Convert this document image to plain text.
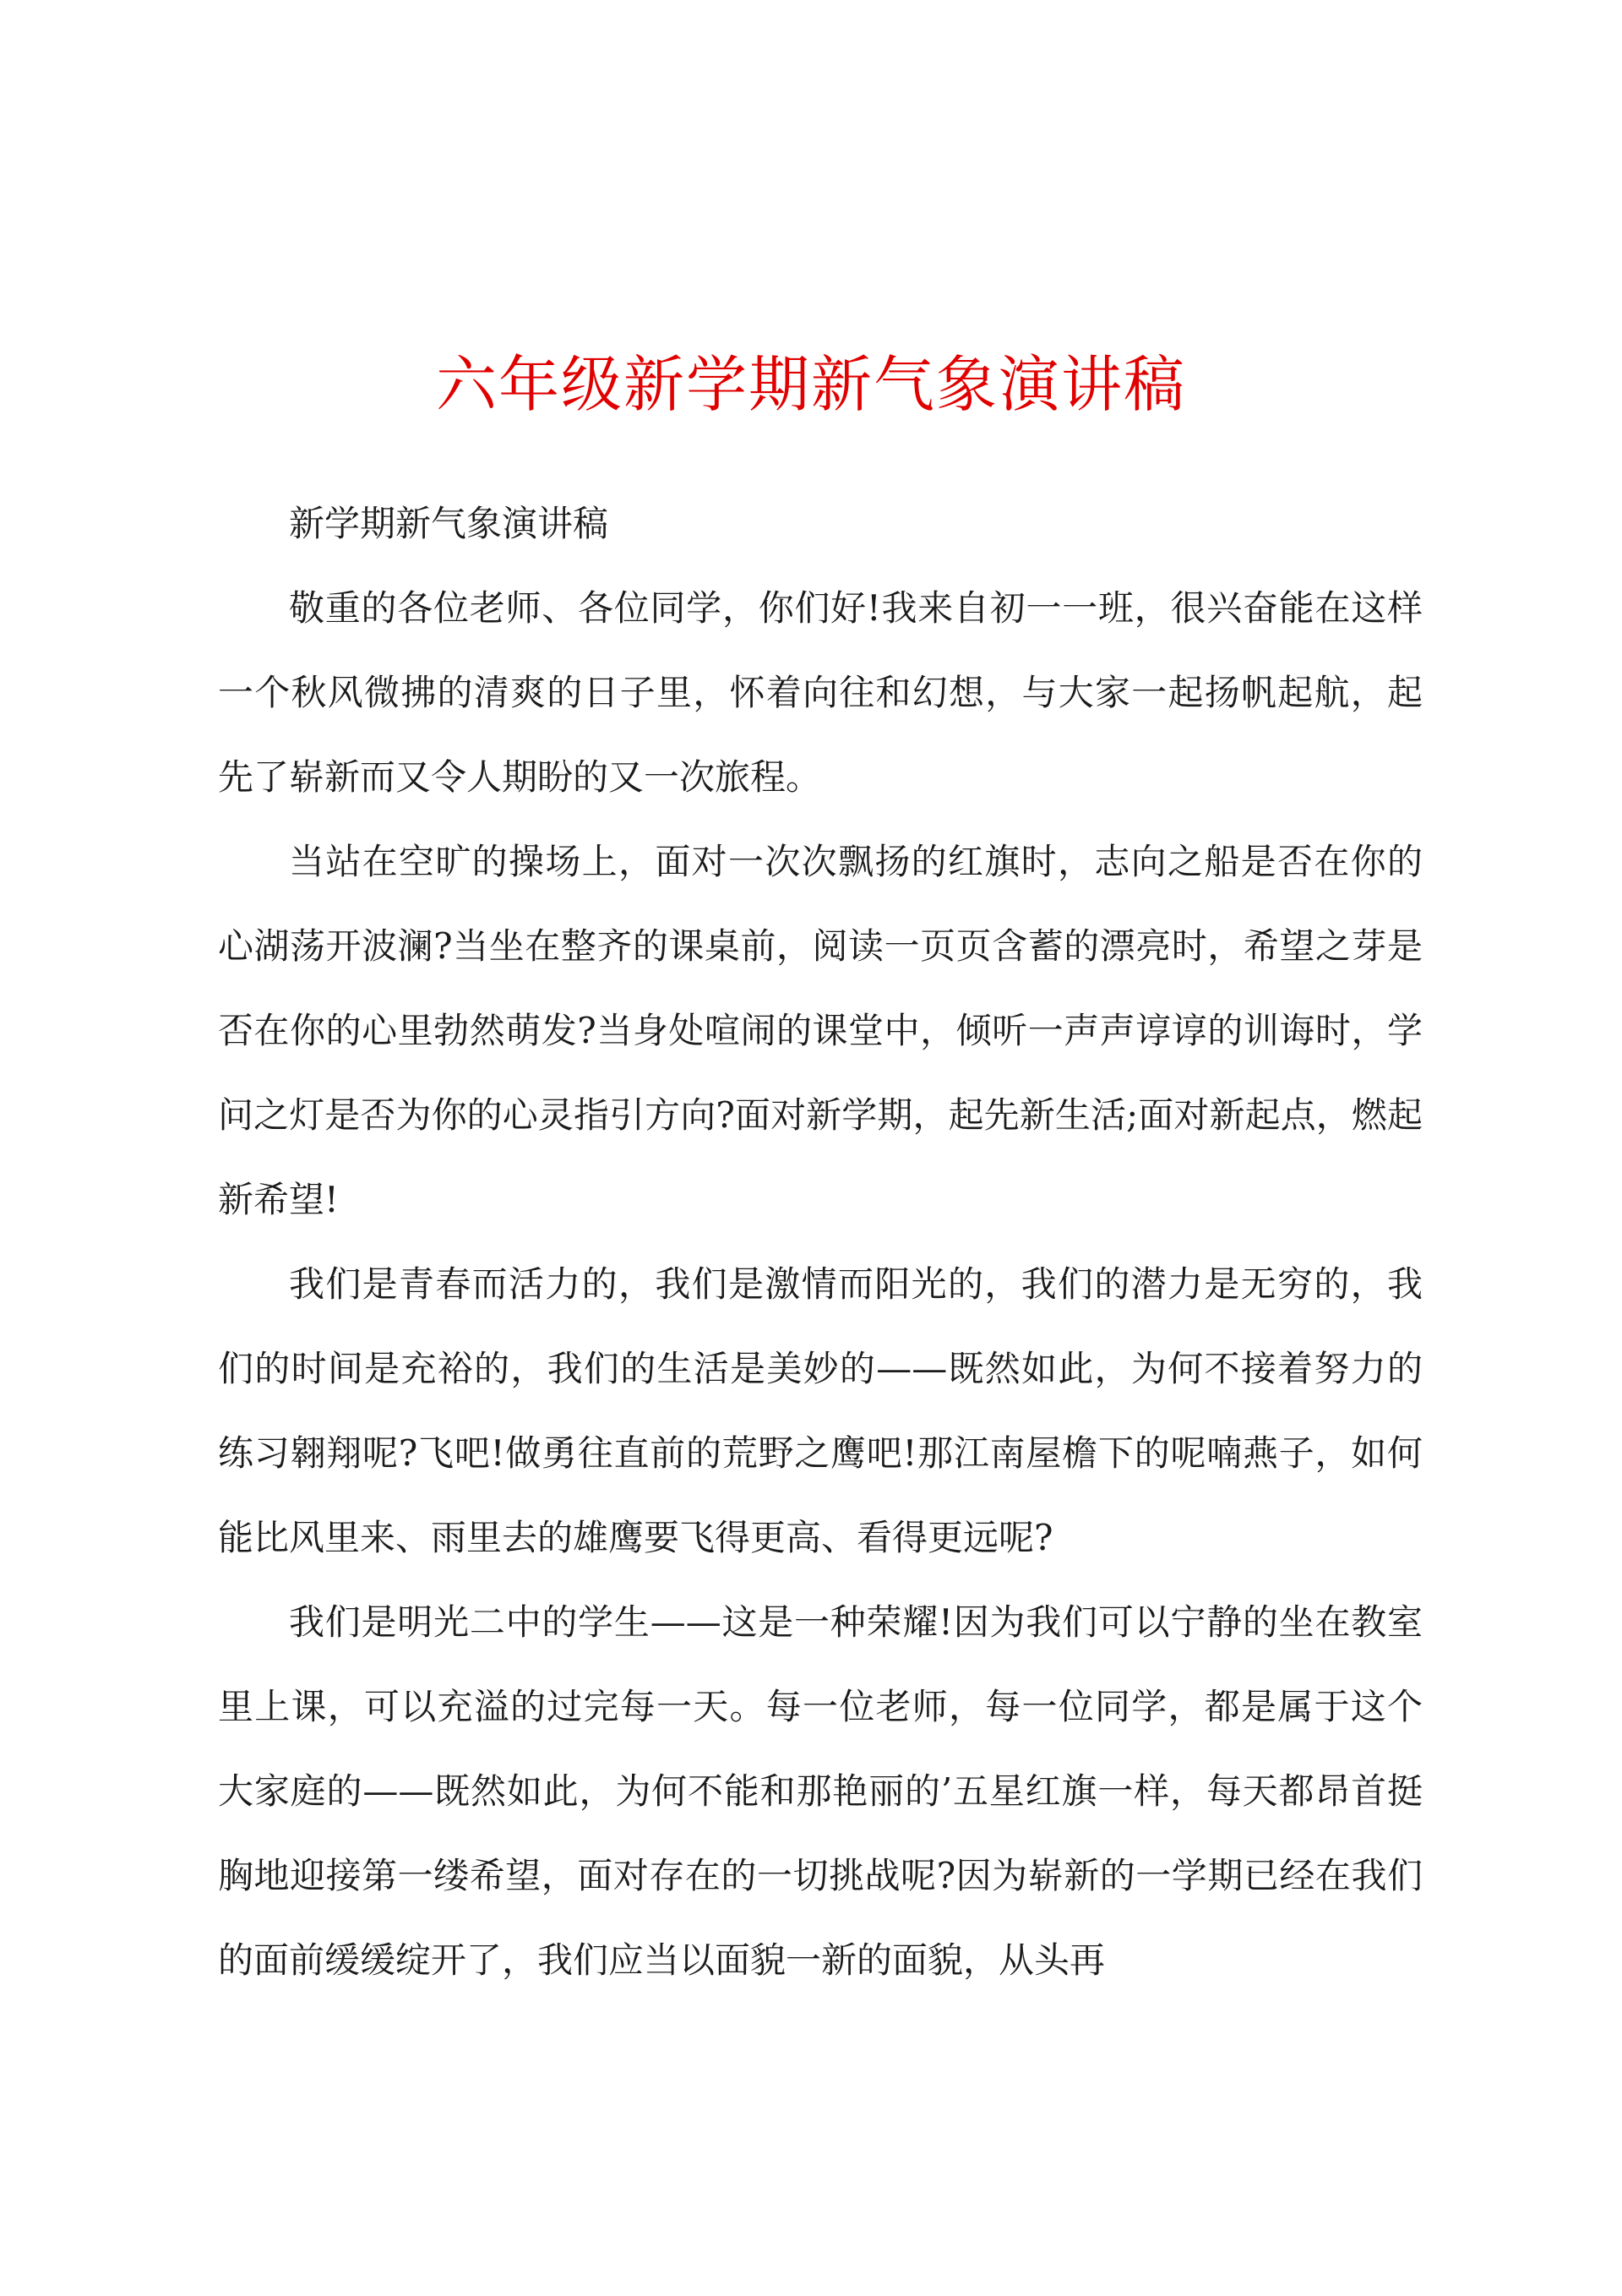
六年级新学期新气象演讲稿

新学期新气象演讲稿

敬重的各位老师、各位同学，你们好!我来自初一一班，很兴奋能在这样一个秋风微拂的清爽的日子里，怀着向往和幻想，与大家一起扬帆起航，起先了崭新而又令人期盼的又一次旅程。

当站在空旷的操场上，面对一次次飘扬的红旗时，志向之船是否在你的心湖荡开波澜?当坐在整齐的课桌前，阅读一页页含蓄的漂亮时，希望之芽是否在你的心里勃然萌发?当身处喧闹的课堂中，倾听一声声谆谆的训诲时，学问之灯是否为你的心灵指引方向?面对新学期，起先新生活;面对新起点，燃起新希望!

我们是青春而活力的，我们是激情而阳光的，我们的潜力是无穷的，我们的时间是充裕的，我们的生活是美妙的——既然如此，为何不接着努力的练习翱翔呢?飞吧!做勇往直前的荒野之鹰吧!那江南屋檐下的呢喃燕子，如何能比风里来、雨里去的雄鹰要飞得更高、看得更远呢?

我们是明光二中的学生——这是一种荣耀!因为我们可以宁静的坐在教室里上课，可以充溢的过完每一天。每一位老师，每一位同学，都是属于这个大家庭的——既然如此，为何不能和那艳丽的’五星红旗一样，每天都昂首挺胸地迎接第一缕希望，面对存在的一切挑战呢?因为崭新的一学期已经在我们的面前缓缓绽开了，我们应当以面貌一新的面貌，从头再
